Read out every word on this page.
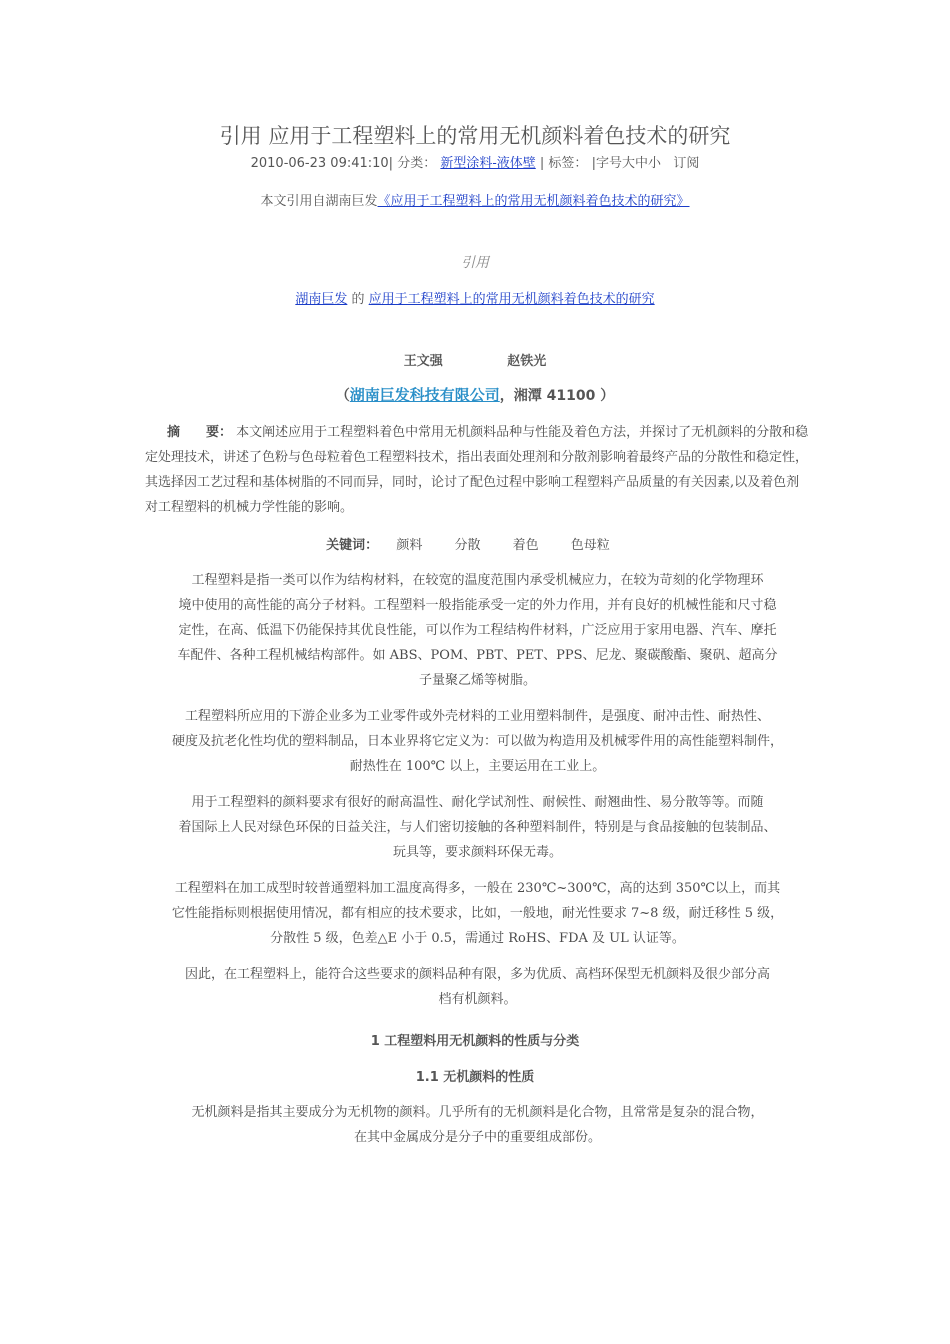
引用 应用于工程塑料上的常用无机颜料着色技术的研究
2010-06-23 09:41:10| 分类： 新型涂料-液体壁 | 标签： |字号大中小 订阅
本文引用自湖南巨发《应用于工程塑料上的常用无机颜料着色技术的研究》
引用
湖南巨发 的 应用于工程塑料上的常用无机颜料着色技术的研究
王文强	赵铁光
（湖南巨发科技有限公司，湘潭 41100 ）

摘　　要： 本文阐述应用于工程塑料着色中常用无机颜料品种与性能及着色方法，并探讨了无机颜料的分散和稳定处理技术，讲述了色粉与色母粒着色工程塑料技术，指出表面处理剂和分散剂影响着最终产品的分散性和稳定性，其选择因工艺过程和基体树脂的不同而异，同时，论讨了配色过程中影响工程塑料产品质量的有关因素,以及着色剂对工程塑料的机械力学性能的影响。

关键词： 颜料 分散 着色 色母粒

工程塑料是指一类可以作为结构材料，在较宽的温度范围内承受机械应力，在较为苛刻的化学物理环

境中使用的高性能的高分子材料。工程塑料一般指能承受一定的外力作用，并有良好的机械性能和尺寸稳

定性，在高、低温下仍能保持其优良性能，可以作为工程结构件材料，广泛应用于家用电器、汽车、摩托

车配件、各种工程机械结构部件。如 ABS、POM、PBT、PET、PPS、尼龙、聚碳酸酯、聚矾、超高分

子量聚乙烯等树脂。

工程塑料所应用的下游企业多为工业零件或外壳材料的工业用塑料制件，是强度、耐冲击性、耐热性、

硬度及抗老化性均优的塑料制品，日本业界将它定义为：可以做为构造用及机械零件用的高性能塑料制件，

耐热性在 100℃ 以上，主要运用在工业上。

用于工程塑料的颜料要求有很好的耐高温性、耐化学试剂性、耐候性、耐翘曲性、易分散等等。而随

着国际上人民对绿色环保的日益关注，与人们密切接触的各种塑料制件，特别是与食品接触的包装制品、

玩具等，要求颜料环保无毒。

工程塑料在加工成型时较普通塑料加工温度高得多，一般在 230℃~300℃，高的达到 350℃以上，而其

它性能指标则根据使用情况，都有相应的技术要求，比如，一般地，耐光性要求 7~8 级，耐迁移性 5 级，

分散性 5 级，色差△E 小于 0.5，需通过 RoHS、FDA 及 UL 认证等。

因此，在工程塑料上，能符合这些要求的颜料品种有限，多为优质、高档环保型无机颜料及很少部分高

档有机颜料。

1 工程塑料用无机颜料的性质与分类
1.1 无机颜料的性质

无机颜料是指其主要成分为无机物的颜料。几乎所有的无机颜料是化合物，且常常是复杂的混合物，

在其中金属成分是分子中的重要组成部份。
